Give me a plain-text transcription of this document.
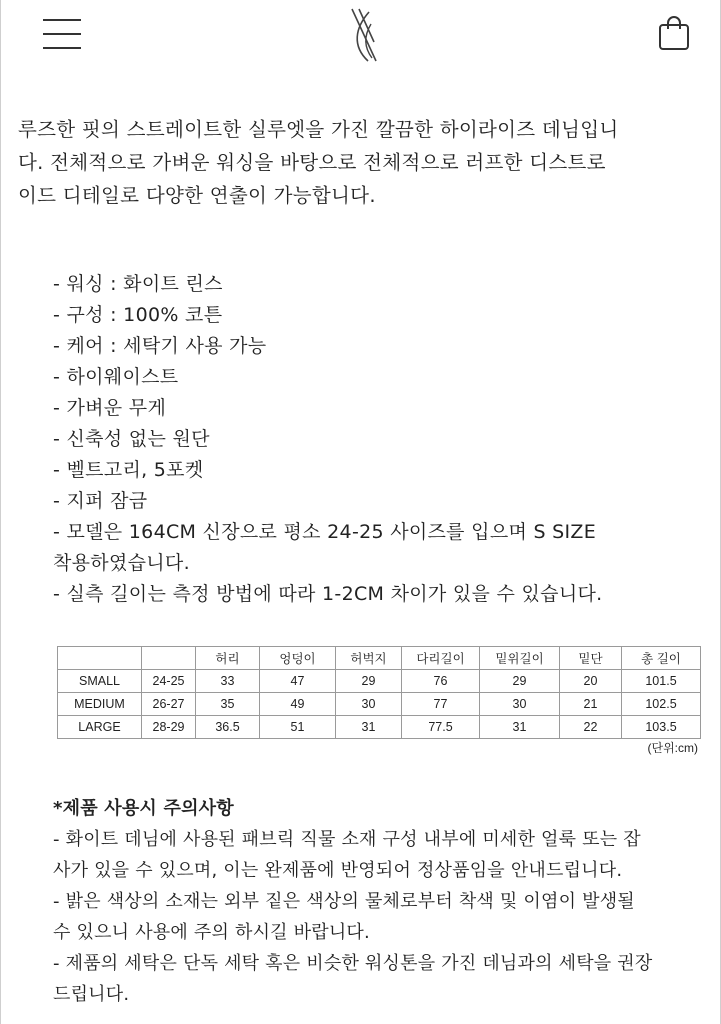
루즈한 핏의 스트레이트한 실루엣을 가진 깔끔한 하이라이즈 데님입니
다. 전체적으로 가벼운 워싱을 바탕으로 전체적으로 러프한 디스트로
이드 디테일로 다양한 연출이 가능합니다.
- 워싱 : 화이트 린스
- 구성 : 100% 코튼
- 케어 : 세탁기 사용 가능
- 하이웨이스트
- 가벼운 무게
- 신축성 없는 원단
- 벨트고리, 5포켓
- 지퍼 잠금
- 모델은 164CM 신장으로 평소 24-25 사이즈를 입으며 S SIZE
착용하였습니다.
- 실측 길이는 측정 방법에 따라 1-2CM 차이가 있을 수 있습니다.
		허리	엉덩이	허벅지	다리길이	밑위길이	밑단	총 길이
SMALL	24-25	33	47	29	76	29	20	101.5
MEDIUM	26-27	35	49	30	77	30	21	102.5
LARGE	28-29	36.5	51	31	77.5	31	22	103.5
(단위:cm)
*제품 사용시 주의사항
- 화이트 데님에 사용된 패브릭 직물 소재 구성 내부에 미세한 얼룩 또는 잡
사가 있을 수 있으며, 이는 완제품에 반영되어 정상품임을 안내드립니다.
- 밝은 색상의 소재는 외부 짙은 색상의 물체로부터 착색 및 이염이 발생될
수 있으니 사용에 주의 하시길 바랍니다.
- 제품의 세탁은 단독 세탁 혹은 비슷한 워싱톤을 가진 데님과의 세탁을 권장
드립니다.
